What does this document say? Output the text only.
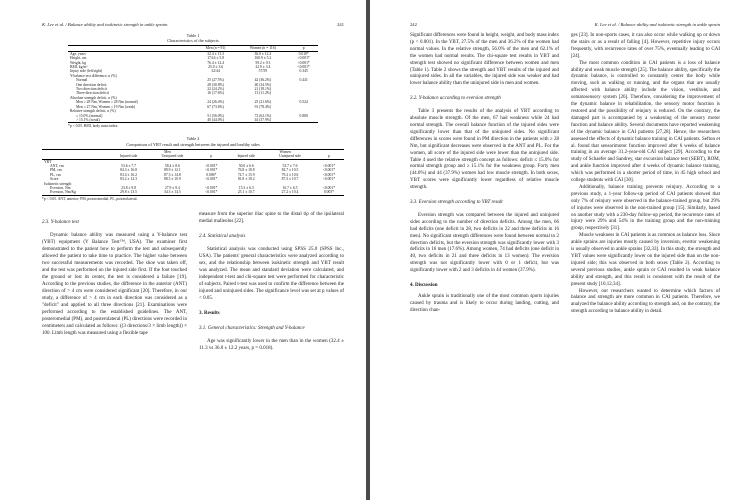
K. Lee et al. / Balance ability and isokinetic strength in ankle sprain	241
Table 1
Characteristics of the subjects
	Men (n = 91)	Women (n = 116)	p
Age, years	32.4 ± 11.3	36.0 ± 12.2	0.018*
Height, cm	174.6 ± 5.8	160.9 ± 5.2	<0.001*
Weight, kg	76.4 ± 12.4	59.2 ± 9.3	<0.001*
BMI, kg/m²	25.0 ± 3.6	22.9 ± 3.4	<0.001*
Injury side (left/right)	32/44	57/59	0.345
Y-balance test difference, n (%)			
Normal	25 (27.5%)	42 (36.2%)	0.441
One direction deficit	28 (30.8%)	40 (34.5%)	
Two direction deficit	22 (24.2%)	21 (18.1%)	
Three direction deficit	16 (17.6%)	13 (11.2%)	
Absolute strength deficit, n (%)			
Men ≥ 28 Nm, Women ≥ 28 Nm (normal)	24 (26.4%)	25 (21.6%)	0.524
Men ≤ 27 Nm, Women ≤ 19 Nm (weak)	67 (73.6%)	91 (78.4%)	
Relative strength deficit, n (%)			
≤ 15.0% (normal)	51 (56.0%)	72 (62.1%)	0.880
> 15.1% (weak)	40 (44.0%)	44 (37.9%)	
*p < 0.05. BMI, body mass index.
Table 2
Comparison of YBT result and strength between the injured and healthy sides
	Men			Women		
	Injured side	Uninjured side	p	Injured side	Uninjured side	p
YBT						
ANT, cm	53.6 ± 7.7	58.4 ± 8.6	<0.001*	50.0 ± 6.6	53.7 ± 7.6	<0.001*
PM, cm	84.3 ± 16.8	89.9 ± 12.1	<0.001*	76.8 ± 18.8	82.7 ± 10.5	<0.001*
PL, cm	83.4 ± 16.2	87.3 ± 14.8	0.006*	74.7 ± 15.9	79.2 ± 10.6	<0.001*
Score	83.2 ± 12.3	88.5 ± 10.9	<0.001*	81.8 ± 18.2	87.3 ± 10.7	<0.001*
Isokinetic strength						
Eversion, Nm	23.8 ± 9.8	27.9 ± 9.4	<0.001*	15.3 ± 6.3	16.7 ± 6.5	<0.001*
Eversion, Nm/Kg	29.8 ± 13.5	34.3 ± 14.5	<0.001*	25.1 ± 10.7	27.2 ± 10.4	0.003*
*p < 0.05. ANT, anterior; PM, posteromedial; PL, posterolateral.

2.3. Y-balance test

Dynamic balance ability was measured using a Y-balance test (YBT) equipment (Y Balance Test™, USA). The examiner first demonstrated to the patient how to perform the test and subsequently allowed the patient to take time to practice. The higher value between two successful measurements was recorded. The shoe was taken off, and the test was performed on the injured side first. If the foot touched the ground or lost its center, the test is considered a failure [19]. According to the previous studies, the difference in the anterior (ANT) direction of > 4 cm were considered significant [20]. Therefore, in our study, a difference of > 4 cm in each direction was considered as a "deficit" and applied to all three directions [21]. Examinations were performed according to the established guidelines. The ANT, posteromedial (PM), and posterolateral (PL) directions were recorded in centimeters and calculated as follows: ((3 directions/3 × limb length)) × 100. Limb length was measured using a flexible tape

measure from the superior iliac spine to the distal tip of the ipsilateral medial malleolus [22].

2.4. Statistical analysis

Statistical analysis was conducted using SPSS 25.0 (SPSS Inc., USA). The patients' general characteristics were analyzed according to sex, and the relationship between isokinetic strength and YBT result was analyzed. The mean and standard deviation were calculated, and independent t-test and chi-square test were performed for characteristic of subjects. Paired t-test was used to confirm the difference between the injured and uninjured sides. The significance level was set at p values of < 0.05.

3. Results

3.1. General characteristics: Strength and Y-balance

Age was significantly lower in the men than in the women (32.4 ± 11.3 vs 36.0 ± 12.2 years, p = 0.018).

242	K. Lee et al. / Balance ability and isokinetic strength in ankle sprain

Significant differences were found in height, weight, and body mass index (p < 0.001). In the YBT, 27.5% of the men and 36.2% of the women had normal values. In the relative strength, 56.0% of the men and 62.1% of the women had normal results. The chi-square test results in YBT and strength test showed no significant difference between women and men (Table 1). Table 2 shows the strength and YBT results of the injured and uninjured sides. In all the variables, the injured side was weaker and had lower balance ability than the uninjured side in men and women.

3.2. Y-balance according to eversion strength

Table 3 presents the results of the analysis of YBT according to absolute muscle strength. Of the men, 67 had weakness while 24 had normal strength. The overall balance function of the injured sides were significantly lower than that of the uninjured sides. No significant differences in scores were found in PM direction in the patients with ≥ 28 Nm, but significant decreases were observed in the ANT and PL. For the women, all score of the injured side were lower than the uninjured side. Table 4 used the relative strength concept as follows: deficit ≤ 15.0% for normal strength group and ≥ 15.1% for the weakness group. Forty men (44.0%) and 44 (37.9%) women had low muscle strength. In both sexes, YBT scores were significantly lower regardless of relative muscle strength.

3.3. Eversion strength according to YBT result

Eversion strength was compared between the injured and uninjured sides according to the number of direction deficits. Among the men, 66 had deficits (one deficit in 28, two deficits in 22 and three deficits in 16 men). No significant strength differences were found between normal to 2 direction deficits, but the eversion strength was significantly lower with 3 deficits in 16 men (17.6%). Among women, 74 had deficits (one deficit in 40, two deficits in 21 and three deficits in 13 women). The eversion strength was not significantly lower with 0 or 1 deficit, but was significantly lower with 2 and 3 deficits in 44 women (37.9%).

4. Discussion

Ankle sprain is traditionally one of the most common sports injuries caused by trauma and is likely to occur during landing, cutting, and direction chan-

ges [23]. In non-sports cases, it can also occur while walking up or down the stairs or as a result of falling [4]. However, repetitive injury occurs frequently, with recurrence rates of over 75%, eventually leading to CAI [24].

The most common condition in CAI patients is a loss of balance ability and weak muscle strength [25]. The balance ability, specifically the dynamic balance, is controlled to constantly center the body while moving, such as walking or running, and the organs that are usually affected with balance ability include the vision, vestibule, and somatosensory system [26]. Therefore, considering the improvement of the dynamic balance in rehabilitation, the sensory motor function is restored and the possibility of reinjury is reduced. On the contrary, the damaged part is accompanied by a weakening of the sensory motor function and balance ability. Several documents have reported weakening of the dynamic balance in CAI patients [27,28]. Hence, the researchers assessed the effects of dynamic balance training in CAI patients. Sefton et al. found that sensorimotor function improved after 6 weeks of balance training in an average 31.2-year-old CAI subject [29]. According to the study of Schaefer and Sandrey, star excursion balance test (SEBT), ROM, and ankle function improved after 4 weeks of dynamic balance training, which was performed in a shorter period of time, in 45 high school and college students with CAI [30].

Additionally, balance training prevents reinjury. According to a previous study, a 1-year follow-up period of CAI patients showed that only 7% of reinjury were observed in the balance-trained group, but 29% of injuries were observed in the non-trained group [15]. Similarly, based on another study with a 230-day follow-up period, the recurrence rates of injury were 29% and 54% in the training group and the non-training group, respectively [31].

Muscle weakness in CAI patients is as common as balance loss. Since ankle sprains are injuries mostly caused by inversion, evertor weakening is usually observed in ankle sprains [32,33]. In this study, the strength and YBT values were significantly lower on the injured side than on the non-injured side; this was observed in both sexes (Table 2). According to several previous studies, ankle sprain or CAI resulted in weak balance ability and strength, and this result is consistent with the result of the present study [10,12,34].

However, our researchers wanted to determine which factors of balance and strength are more common in CAI patients. Therefore, we analyzed the balance ability according to strength and, on the contrary, the strength according to balance ability in detail.
